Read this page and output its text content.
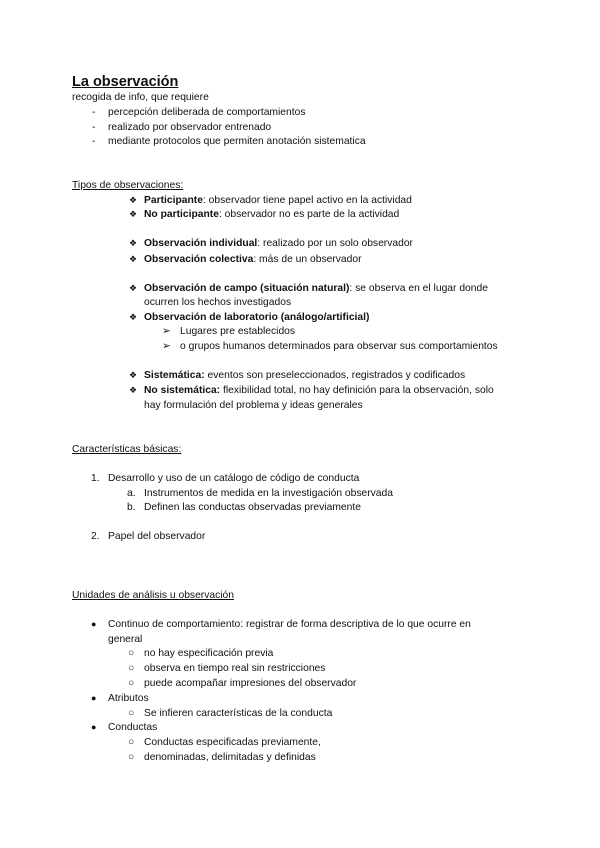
La observación
recogida de info, que requiere
- percepción deliberada de comportamientos
- realizado por observador entrenado
- mediante protocolos que permiten anotación sistematica
Tipos de observaciones:
❖ Participante: observador tiene papel activo en la actividad
❖ No participante: observador no es parte de la actividad
❖ Observación individual: realizado por un solo observador
❖ Observación colectiva: más de un observador
❖ Observación de campo (situación natural): se observa en el lugar donde
ocurren los hechos investigados
❖ Observación de laboratorio (análogo/artificial)
➢ Lugares pre establecidos
➢ o grupos humanos determinados para observar sus comportamientos
❖ Sistemática: eventos son preseleccionados, registrados y codificados
❖ No sistemática: flexibilidad total, no hay definición para la observación, solo
hay formulación del problema y ideas generales
Características básicas:
1. Desarrollo y uso de un catálogo de código de conducta
a. Instrumentos de medida en la investigación observada
b. Definen las conductas observadas previamente
2. Papel del observador
Unidades de análisis u observación
● Continuo de comportamiento: registrar de forma descriptiva de lo que ocurre en
general
○ no hay especificación previa
○ observa en tiempo real sin restricciones
○ puede acompañar impresiones del observador
● Atributos
○ Se infieren características de la conducta
● Conductas
○ Conductas especificadas previamente,
○ denominadas, delimitadas y definidas
